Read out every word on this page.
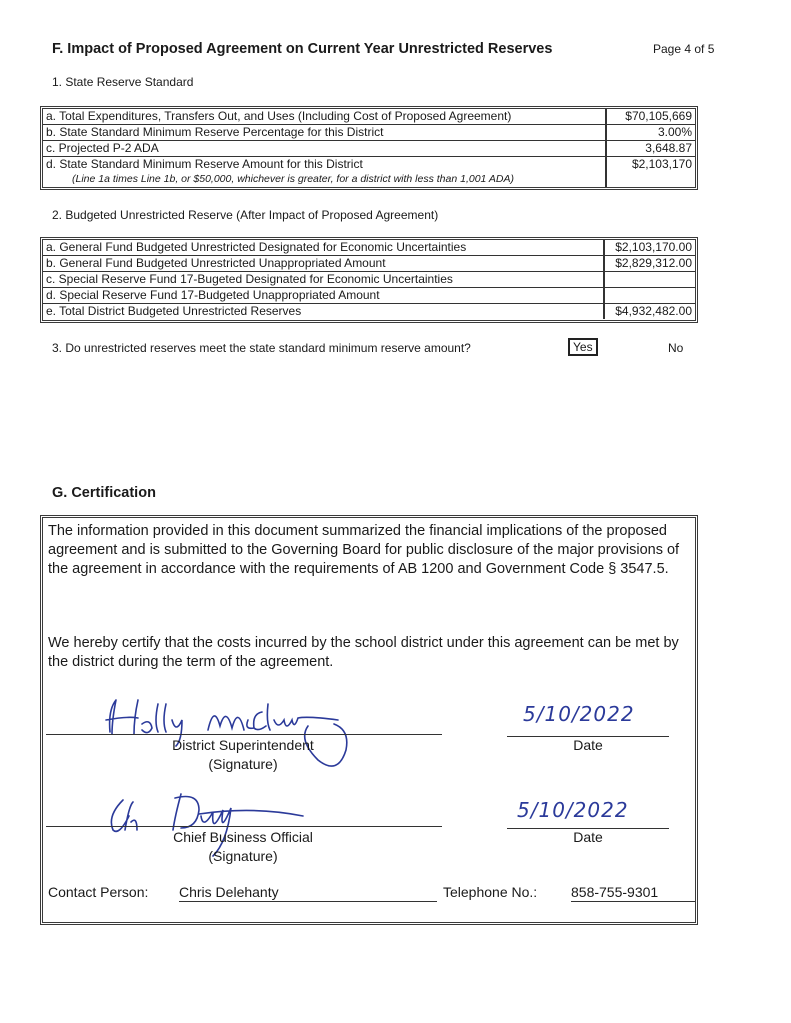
F. Impact of Proposed Agreement on Current Year Unrestricted Reserves	Page 4 of 5
1. State Reserve Standard
a. Total Expenditures, Transfers Out, and Uses (Including Cost of Proposed Agreement)	$70,105,669
b. State Standard Minimum Reserve Percentage for this District	3.00%
c. Projected P-2 ADA	3,648.87
d. State Standard Minimum Reserve Amount for this District
(Line 1a times Line 1b, or $50,000, whichever is greater, for a district with less than 1,001 ADA)	$2,103,170
2. Budgeted Unrestricted Reserve (After Impact of Proposed Agreement)
a. General Fund Budgeted Unrestricted Designated for Economic Uncertainties	$2,103,170.00
b. General Fund Budgeted Unrestricted Unappropriated Amount	$2,829,312.00
c. Special Reserve Fund 17-Bugeted Designated for Economic Uncertainties	
d. Special Reserve Fund 17-Budgeted Unappropriated Amount	
e. Total District Budgeted Unrestricted Reserves	$4,932,482.00
3. Do unrestricted reserves meet the state standard minimum reserve amount?	Yes	No
G. Certification
The information provided in this document summarized the financial implications of the proposed agreement and is submitted to the Governing Board for public disclosure of the major provisions of the agreement in accordance with the requirements of AB 1200 and Government Code § 3547.5.
We hereby certify that the costs incurred by the school district under this agreement can be met by the district during the term of the agreement.
District Superintendent
(Signature)
5/10/2022
Date
Chief Business Official
(Signature)
5/10/2022
Date
Contact Person: Chris Delehanty	Telephone No.: 858-755-9301
